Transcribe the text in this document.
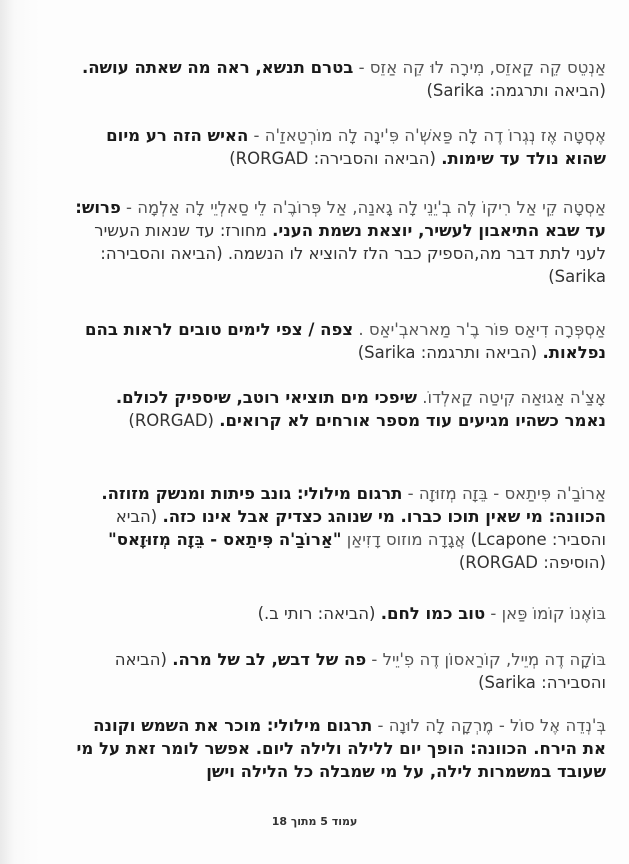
אַנְטֵס קֵה קַאזֵס, מִירָה לוּ קֵה אַזֵס - בטרם תנשא, ראה מה שאתה עושה. (הביאה ותרגמה: Sarika)
אֶסְטָה אֶז נְגְרוֹ דֶה לָה פַּאשְׁ'ה פִּ'ינָה לָה מוֹרְטַאזַ'ה - האיש הזה רע מיום שהוא נולד עד שימות. (הביאה והסבירה: RORGAD)
אַסְטָה קֵי אַל רִיקוֹ לֶה בְ'יֵנֵי לָה גָאנַה, אַל פְּרוֹבֶ'ה לֵי סַאלְיֵי לָה אַלְמָה - פרוש: עד שבא התיאבון לעשיר, יוצאת נשמת העני. מחורז: עד שנאות העשיר לעני לתת דבר מה,הספיק כבר הלז להוציא לו הנשמה. (הביאה והסבירה: Sarika)
אַסְפְּרָה דִיאַס פּוֹר בֶ'ר מַאראבְ'יאַס . צפה / צפי לימים טובים לראות בהם נפלאות. (הביאה ותרגמה: Sarika)
אָצַ'ה אַגוּאַה קִיטַה קַאלְדוֹ. שיפכי מים תוציאי רוטב, שיספיק לכולם. נאמר כשהיו מגיעים עוד מספר אורחים לא קרואים. (RORGAD)
אַרוֹבַ'ה פִּיתַאס - בֵּזָה מְזוּזָה - תרגום מילולי: גונב פיתות ומנשק מזוזה. הכוונה: מי שאין תוכו כברו. מי שנוהג כצדיק אבל אינו כזה. (הביא והסביר: Lcapone) אֲגָדָה מוזוס דָזִיאַן "אַרוֹבַ'ה פִּיתַאס - בֵּזָה מְזוּזָאס" (הוסיפה: RORGAD)
בּוֹאֶנוֹ קוֹמוֹ פַּאן - טוב כמו לחם. (הביאה: רותי ב.)
בּוֹקָה דֶה מְיֵיל, קוֹרַאסוֹן דֶה פִ'יֵיל - פה של דבש, לב של מרה. (הביאה והסבירה: Sarika)
בְּ'נְדֵה אֶל סוֹל - מֶרְקָה לָה לוּנָה - תרגום מילולי: מוכר את השמש וקונה את הירח. הכוונה: הופך יום ללילה ולילה ליום. אפשר לומר זאת על מי שעובד במשמרות לילה, על מי שמבלה כל הלילה וישן
עמוד 5 מתוך 18
